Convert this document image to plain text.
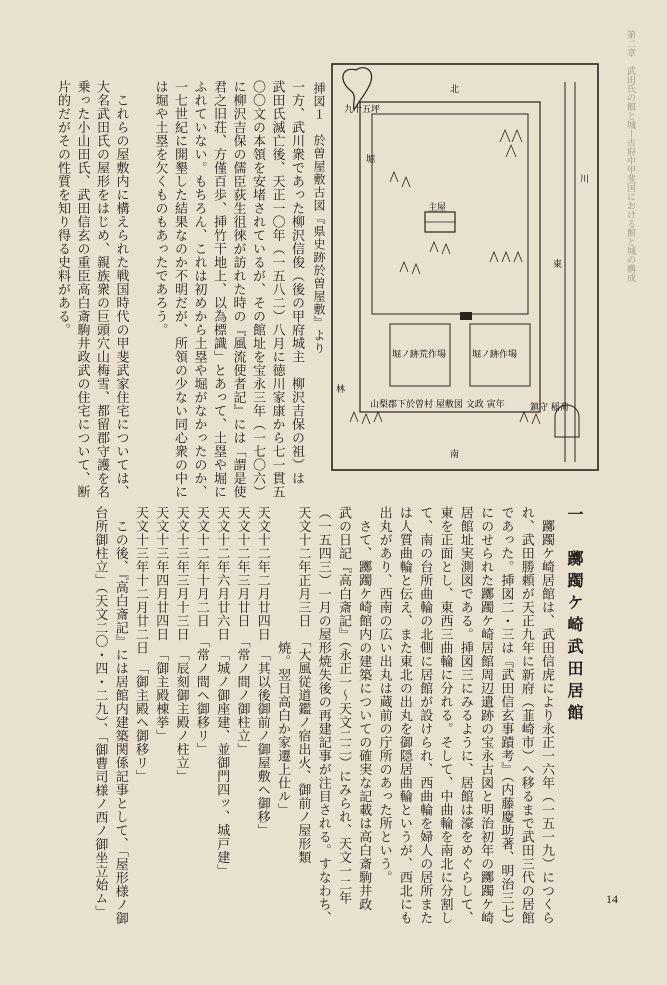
第二章　武田氏の館と城ー古府中甲斐国における館と城の構成
北
東
南
林
主屋
九十五坪
堀ノ跡荒作場	堀ノ跡作場
山梨郡下於曽村 屋敷図 文政 寅年	鎮守 稲荷
川
堀
挿図１　於曽屋敷古図『県史跡於曽屋敷』より
一方、武川衆であった柳沢信俊（後の甲府城主　柳沢吉保の祖）は
武田氏滅亡後、天正一〇年（一五八二）八月に徳川家康から七一貫五
〇〇文の本領を安堵されているが、その館址を宝永三年（一七〇六）
に柳沢吉保の儒臣荻生徂徠が訪れた時の『風流使者記』には「謂是使
君之旧荘、方僅百歩、挿竹干地上、以為標識」とあって、土塁や堀に
ふれていない。もちろん、これは初めから土塁や堀がなかったのか、
一七世紀に開墾した結果なのか不明だが、所領の少ない同心衆の中に
は堀や土塁を欠くものもあったであろう。
　これらの屋敷内に構えられた戦国時代の甲斐武家住宅については、
大名武田氏の屋形をはじめ、親族衆の巨頭穴山梅雪、都留郡守護を名
乗った小山田氏、武田信玄の重臣高白斎駒井政武の住宅について、断
片的だがその性質を知り得る史料がある。
　躑躅ケ崎居館は、武田信虎により永正一六年（一五一九）につくら
れ、武田勝頼が天正九年に新府（韮崎市）へ移るまで武田三代の居館
であった。挿図二・三は『武田信玄事蹟考』（内藤慶助著、明治三七）
にのせられた躑躅ケ崎居館周辺遺跡の宝永古図と明治初年の躑躅ケ崎
居館址実測図である。挿図三にみるように、居館は濠をめぐらして、
東を正面とし、東西三曲輪に分れる。そして、中曲輪を南北に分割し
て、南の台所曲輪の北側に居館が設けられ、西曲輪を婦人の居所また
は人質曲輪と伝え、また東北の出丸を御隠居曲輪というが、西北にも
出丸があり、西南の広い出丸は蔵前の庁所のあった所という。
　さて、躑躅ケ崎館内の建築についての確実な記載は高白斎駒井政
武の日記『高白斎記』（永正一〜天文二二）にみられ、天文一二年
（一五四三）一月の屋形焼失後の再建記事が注目される。すなわち、
天文十二年正月三日　「大風従道鑑ノ宿出火、御前ノ屋形類
　　　　　　　　　　焼。翌日高白か家遷上仕ル」
天文十二年二月廿四日　「其以後御前ノ御屋敷ヘ御移」
天文十二年三月廿日　「常ノ間ノ御柱立」
天文十二年六月廿六日　「城ノ御座建、並御門四ッ、城戸建」
天文十二年十月二日　「常ノ間ヘ御移リ」
天文十三年三月十三日　「辰刻御主殿ノ柱立」
天文十三年四月廿四日　「御主殿棟挙」
天文十三年十二月廿二日　「御主殿ヘ御移リ」
　この後、『高白斎記』には居館内建築関係記事として、「屋形様ノ御
台所御柱立」（天文二〇・四・二九）、「御曹司様ノ西ノ御坐立始ム」	一　躑躅ケ崎武田居館
14
